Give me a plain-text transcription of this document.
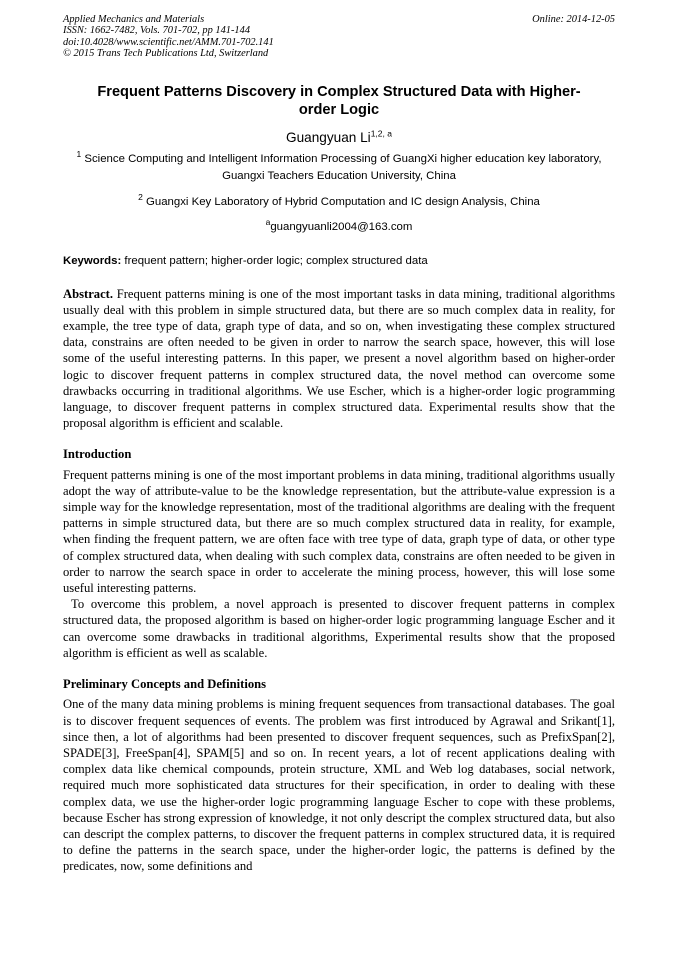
Applied Mechanics and Materials
ISSN: 1662-7482, Vols. 701-702, pp 141-144
doi:10.4028/www.scientific.net/AMM.701-702.141
© 2015 Trans Tech Publications Ltd, Switzerland
Online: 2014-12-05
Frequent Patterns Discovery in Complex Structured Data with Higher-order Logic
Guangyuan Li$^{1,2, a}$
$^1$ Science Computing and Intelligent Information Processing of GuangXi higher education key laboratory, Guangxi Teachers Education University, China
$^2$ Guangxi Key Laboratory of Hybrid Computation and IC design Analysis, China
$^a$guangyuanli2004@163.com
Keywords: frequent pattern; higher-order logic; complex structured data
Abstract. Frequent patterns mining is one of the most important tasks in data mining, traditional algorithms usually deal with this problem in simple structured data, but there are so much complex data in reality, for example, the tree type of data, graph type of data, and so on, when investigating these complex structured data, constrains are often needed to be given in order to narrow the search space, however, this will lose some of the useful interesting patterns. In this paper, we present a novel algorithm based on higher-order logic to discover frequent patterns in complex structured data, the novel method can overcome some drawbacks occurring in traditional algorithms. We use Escher, which is a higher-order logic programming language, to discover frequent patterns in complex structured data. Experimental results show that the proposal algorithm is efficient and scalable.
Introduction
Frequent patterns mining is one of the most important problems in data mining, traditional algorithms usually adopt the way of attribute-value to be the knowledge representation, but the attribute-value expression is a simple way for the knowledge representation, most of the traditional algorithms are dealing with the frequent patterns in simple structured data, but there are so much complex structured data in reality, for example, when finding the frequent pattern, we are often face with tree type of data, graph type of data, or other type of complex structured data, when dealing with such complex data, constrains are often needed to be given in order to narrow the search space in order to accelerate the mining process, however, this will lose some useful interesting patterns.
To overcome this problem, a novel approach is presented to discover frequent patterns in complex structured data, the proposed algorithm is based on higher-order logic programming language Escher and it can overcome some drawbacks in traditional algorithms, Experimental results show that the proposed algorithm is efficient as well as scalable.
Preliminary Concepts and Definitions
One of the many data mining problems is mining frequent sequences from transactional databases. The goal is to discover frequent sequences of events. The problem was first introduced by Agrawal and Srikant[1], since then, a lot of algorithms had been presented to discover frequent sequences, such as PrefixSpan[2], SPADE[3], FreeSpan[4], SPAM[5] and so on. In recent years, a lot of recent applications dealing with complex data like chemical compounds, protein structure, XML and Web log databases, social network, required much more sophisticated data structures for their specification, in order to dealing with these complex data, we use the higher-order logic programming language Escher to cope with these problems, because Escher has strong expression of knowledge, it not only descript the complex structured data, but also can descript the complex patterns, to discover the frequent patterns in complex structured data, it is required to define the patterns in the search space, under the higher-order logic, the patterns is defined by the predicates, now, some definitions and
